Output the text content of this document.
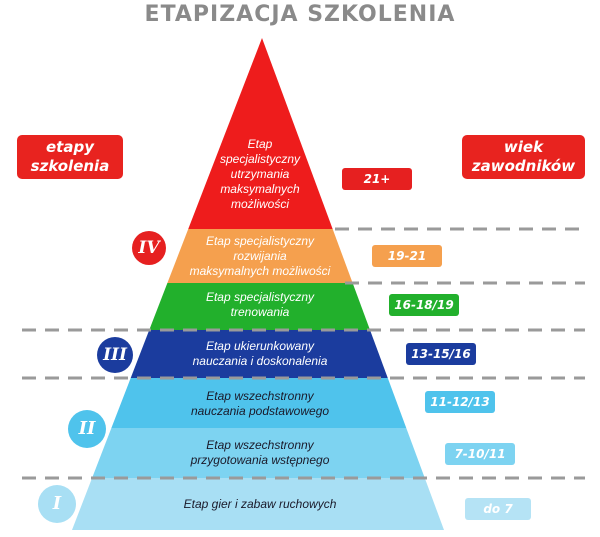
ETAPIZACJA SZKOLENIA
etapy
szkolenia
wiek
zawodników
21+
19-21
16-18/19
13-15/16
11-12/13
7-10/11
do 7
IV
III
II
I
Etap
specjalistyczny
utrzymania
maksymalnych
możliwości
Etap specjalistyczny
rozwijania
maksymalnych możliwości
Etap specjalistyczny
trenowania
Etap ukierunkowany
nauczania i doskonalenia
Etap wszechstronny
nauczania podstawowego
Etap wszechstronny
przygotowania wstępnego
Etap gier i zabaw ruchowych
